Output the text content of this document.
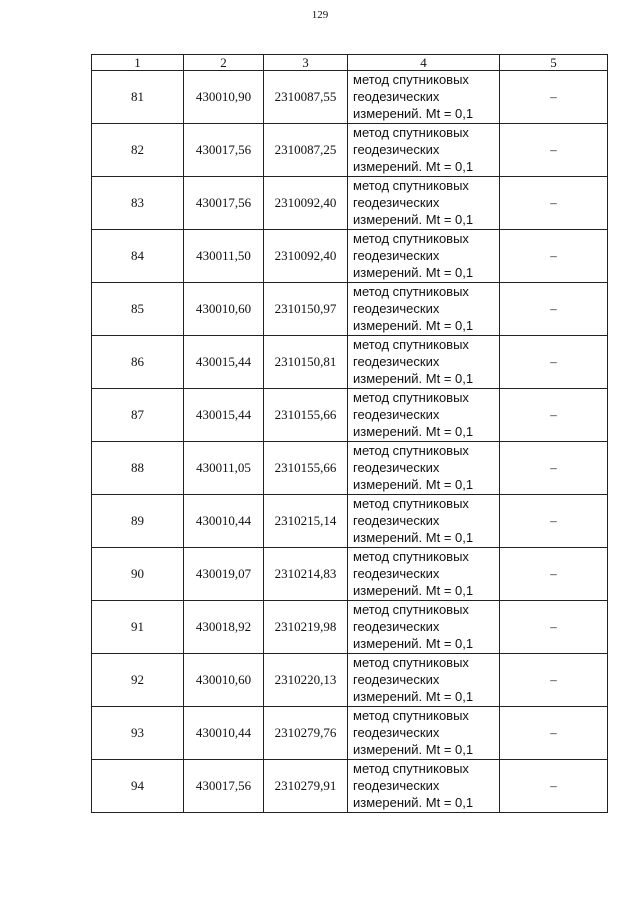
129
1	2	3	4	5
81	430010,90	2310087,55	метод спутниковых
геодезических
измерений. Mt = 0,1	–
82	430017,56	2310087,25	метод спутниковых
геодезических
измерений. Mt = 0,1	–
83	430017,56	2310092,40	метод спутниковых
геодезических
измерений. Mt = 0,1	–
84	430011,50	2310092,40	метод спутниковых
геодезических
измерений. Mt = 0,1	–
85	430010,60	2310150,97	метод спутниковых
геодезических
измерений. Mt = 0,1	–
86	430015,44	2310150,81	метод спутниковых
геодезических
измерений. Mt = 0,1	–
87	430015,44	2310155,66	метод спутниковых
геодезических
измерений. Mt = 0,1	–
88	430011,05	2310155,66	метод спутниковых
геодезических
измерений. Mt = 0,1	–
89	430010,44	2310215,14	метод спутниковых
геодезических
измерений. Mt = 0,1	–
90	430019,07	2310214,83	метод спутниковых
геодезических
измерений. Mt = 0,1	–
91	430018,92	2310219,98	метод спутниковых
геодезических
измерений. Mt = 0,1	–
92	430010,60	2310220,13	метод спутниковых
геодезических
измерений. Mt = 0,1	–
93	430010,44	2310279,76	метод спутниковых
геодезических
измерений. Mt = 0,1	–
94	430017,56	2310279,91	метод спутниковых
геодезических
измерений. Mt = 0,1	–
